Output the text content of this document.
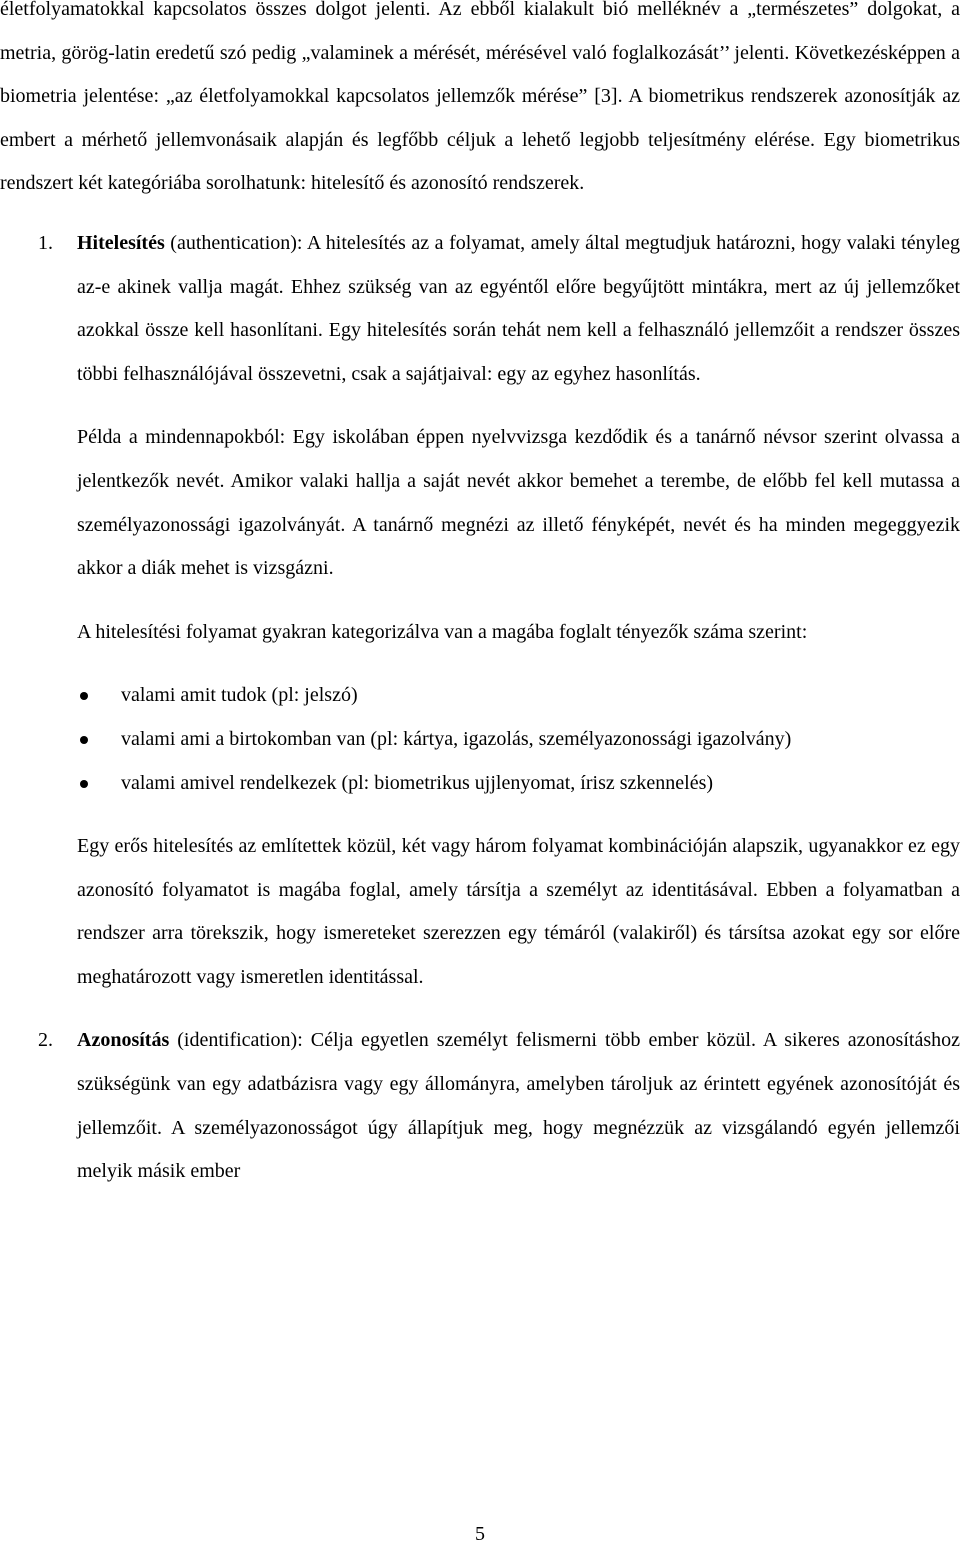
életfolyamatokkal kapcsolatos összes dolgot jelenti. Az ebből kialakult bió melléknév a „természetes” dolgokat, a metria, görög-latin eredetű szó pedig „valaminek a mérését, mérésével való foglalkozását’’ jelenti. Következésképpen a biometria jelentése: „az életfolyamokkal kapcsolatos jellemzők mérése” [3]. A biometrikus rendszerek azonosítják az embert a mérhető jellemvonásaik alapján és legfőbb céljuk a lehető legjobb teljesítmény elérése. Egy biometrikus rendszert két kategóriába sorolhatunk: hitelesítő és azonosító rendszerek.

1. Hitelesítés (authentication): A hitelesítés az a folyamat, amely által megtudjuk határozni, hogy valaki tényleg az-e akinek vallja magát. Ehhez szükség van az egyéntől előre begyűjtött mintákra, mert az új jellemzőket azokkal össze kell hasonlítani. Egy hitelesítés során tehát nem kell a felhasználó jellemzőit a rendszer összes többi felhasználójával összevetni, csak a sajátjaival: egy az egyhez hasonlítás.

Példa a mindennapokból: Egy iskolában éppen nyelvvizsga kezdődik és a tanárnő névsor szerint olvassa a jelentkezők nevét. Amikor valaki hallja a saját nevét akkor bemehet a terembe, de előbb fel kell mutassa a személyazonossági igazolványát. A tanárnő megnézi az illető fényképét, nevét és ha minden megeggyezik akkor a diák mehet is vizsgázni.

A hitelesítési folyamat gyakran kategorizálva van a magába foglalt tényezők száma szerint:

valami amit tudok (pl: jelszó)
valami ami a birtokomban van (pl: kártya, igazolás, személyazonossági igazolvány)
valami amivel rendelkezek (pl: biometrikus ujjlenyomat, írisz szkennelés)

Egy erős hitelesítés az említettek közül, két vagy három folyamat kombinációján alapszik, ugyanakkor ez egy azonosító folyamatot is magába foglal, amely társítja a személyt az identitásával. Ebben a folyamatban a rendszer arra törekszik, hogy ismereteket szerezzen egy témáról (valakiről) és társítsa azokat egy sor előre meghatározott vagy ismeretlen identitással.

2. Azonosítás (identification): Célja egyetlen személyt felismerni több ember közül. A sikeres azonosításhoz szükségünk van egy adatbázisra vagy egy állományra, amelyben tároljuk az érintett egyének azonosítóját és jellemzőit. A személyazonosságot úgy állapítjuk meg, hogy megnézzük az vizsgálandó egyén jellemzői melyik másik ember

5
